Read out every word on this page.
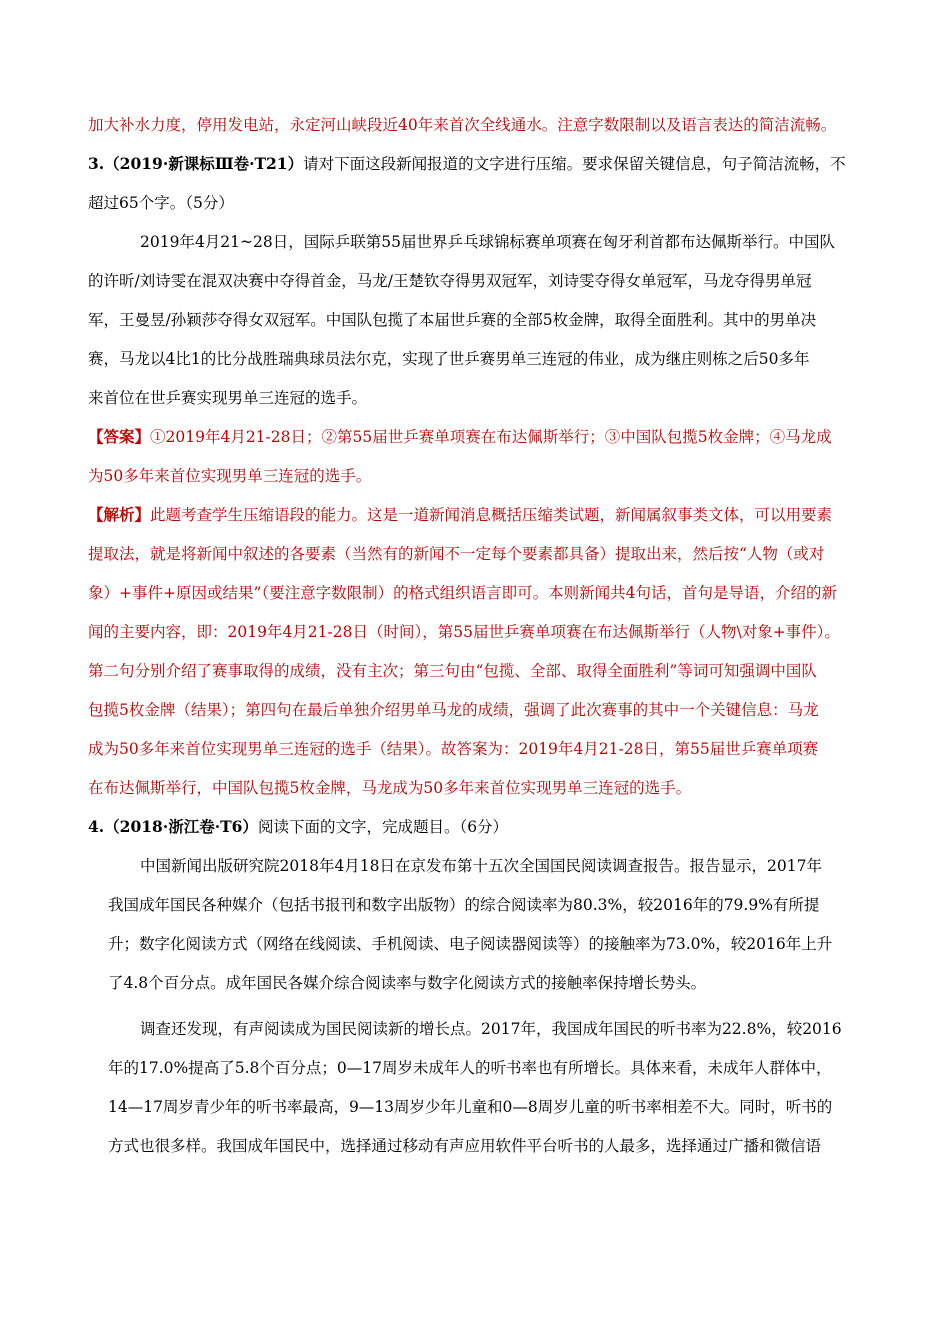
加大补水力度，停用发电站，永定河山峡段近40年来首次全线通水。注意字数限制以及语言表达的简洁流畅。
3.（2019·新课标Ⅲ卷·T21）请对下面这段新闻报道的文字进行压缩。要求保留关键信息，句子简洁流畅，不
超过65个字。（5分）
2019年4月21~28日，国际乒联第55届世界乒乓球锦标赛单项赛在匈牙利首都布达佩斯举行。中国队
的许昕/刘诗雯在混双决赛中夺得首金，马龙/王楚钦夺得男双冠军，刘诗雯夺得女单冠军，马龙夺得男单冠
军，王曼昱/孙颖莎夺得女双冠军。中国队包揽了本届世乒赛的全部5枚金牌，取得全面胜利。其中的男单决
赛，马龙以4比1的比分战胜瑞典球员法尔克，实现了世乒赛男单三连冠的伟业，成为继庄则栋之后50多年
来首位在世乒赛实现男单三连冠的选手。
【答案】①2019年4月21-28日；②第55届世乒赛单项赛在布达佩斯举行；③中国队包揽5枚金牌；④马龙成
为50多年来首位实现男单三连冠的选手。
【解析】此题考查学生压缩语段的能力。这是一道新闻消息概括压缩类试题，新闻属叙事类文体，可以用要素
提取法，就是将新闻中叙述的各要素（当然有的新闻不一定每个要素都具备）提取出来，然后按“人物（或对
象）+事件+原因或结果”（要注意字数限制）的格式组织语言即可。本则新闻共4句话，首句是导语，介绍的新
闻的主要内容，即：2019年4月21-28日（时间），第55届世乒赛单项赛在布达佩斯举行（人物\对象+事件）。
第二句分别介绍了赛事取得的成绩，没有主次；第三句由“包揽、全部、取得全面胜利”等词可知强调中国队
包揽5枚金牌（结果）；第四句在最后单独介绍男单马龙的成绩，强调了此次赛事的其中一个关键信息：马龙
成为50多年来首位实现男单三连冠的选手（结果）。故答案为：2019年4月21-28日，第55届世乒赛单项赛
在布达佩斯举行，中国队包揽5枚金牌，马龙成为50多年来首位实现男单三连冠的选手。
4.（2018·浙江卷·T6）阅读下面的文字，完成题目。（6分）
中国新闻出版研究院2018年4月18日在京发布第十五次全国国民阅读调查报告。报告显示，2017年
我国成年国民各种媒介（包括书报刊和数字出版物）的综合阅读率为80.3%，较2016年的79.9%有所提
升；数字化阅读方式（网络在线阅读、手机阅读、电子阅读器阅读等）的接触率为73.0%，较2016年上升
了4.8个百分点。成年国民各媒介综合阅读率与数字化阅读方式的接触率保持增长势头。
调查还发现，有声阅读成为国民阅读新的增长点。2017年，我国成年国民的听书率为22.8%，较2016
年的17.0%提高了5.8个百分点；0—17周岁未成年人的听书率也有所增长。具体来看，未成年人群体中，
14—17周岁青少年的听书率最高，9—13周岁少年儿童和0—8周岁儿童的听书率相差不大。同时，听书的
方式也很多样。我国成年国民中，选择通过移动有声应用软件平台听书的人最多，选择通过广播和微信语
